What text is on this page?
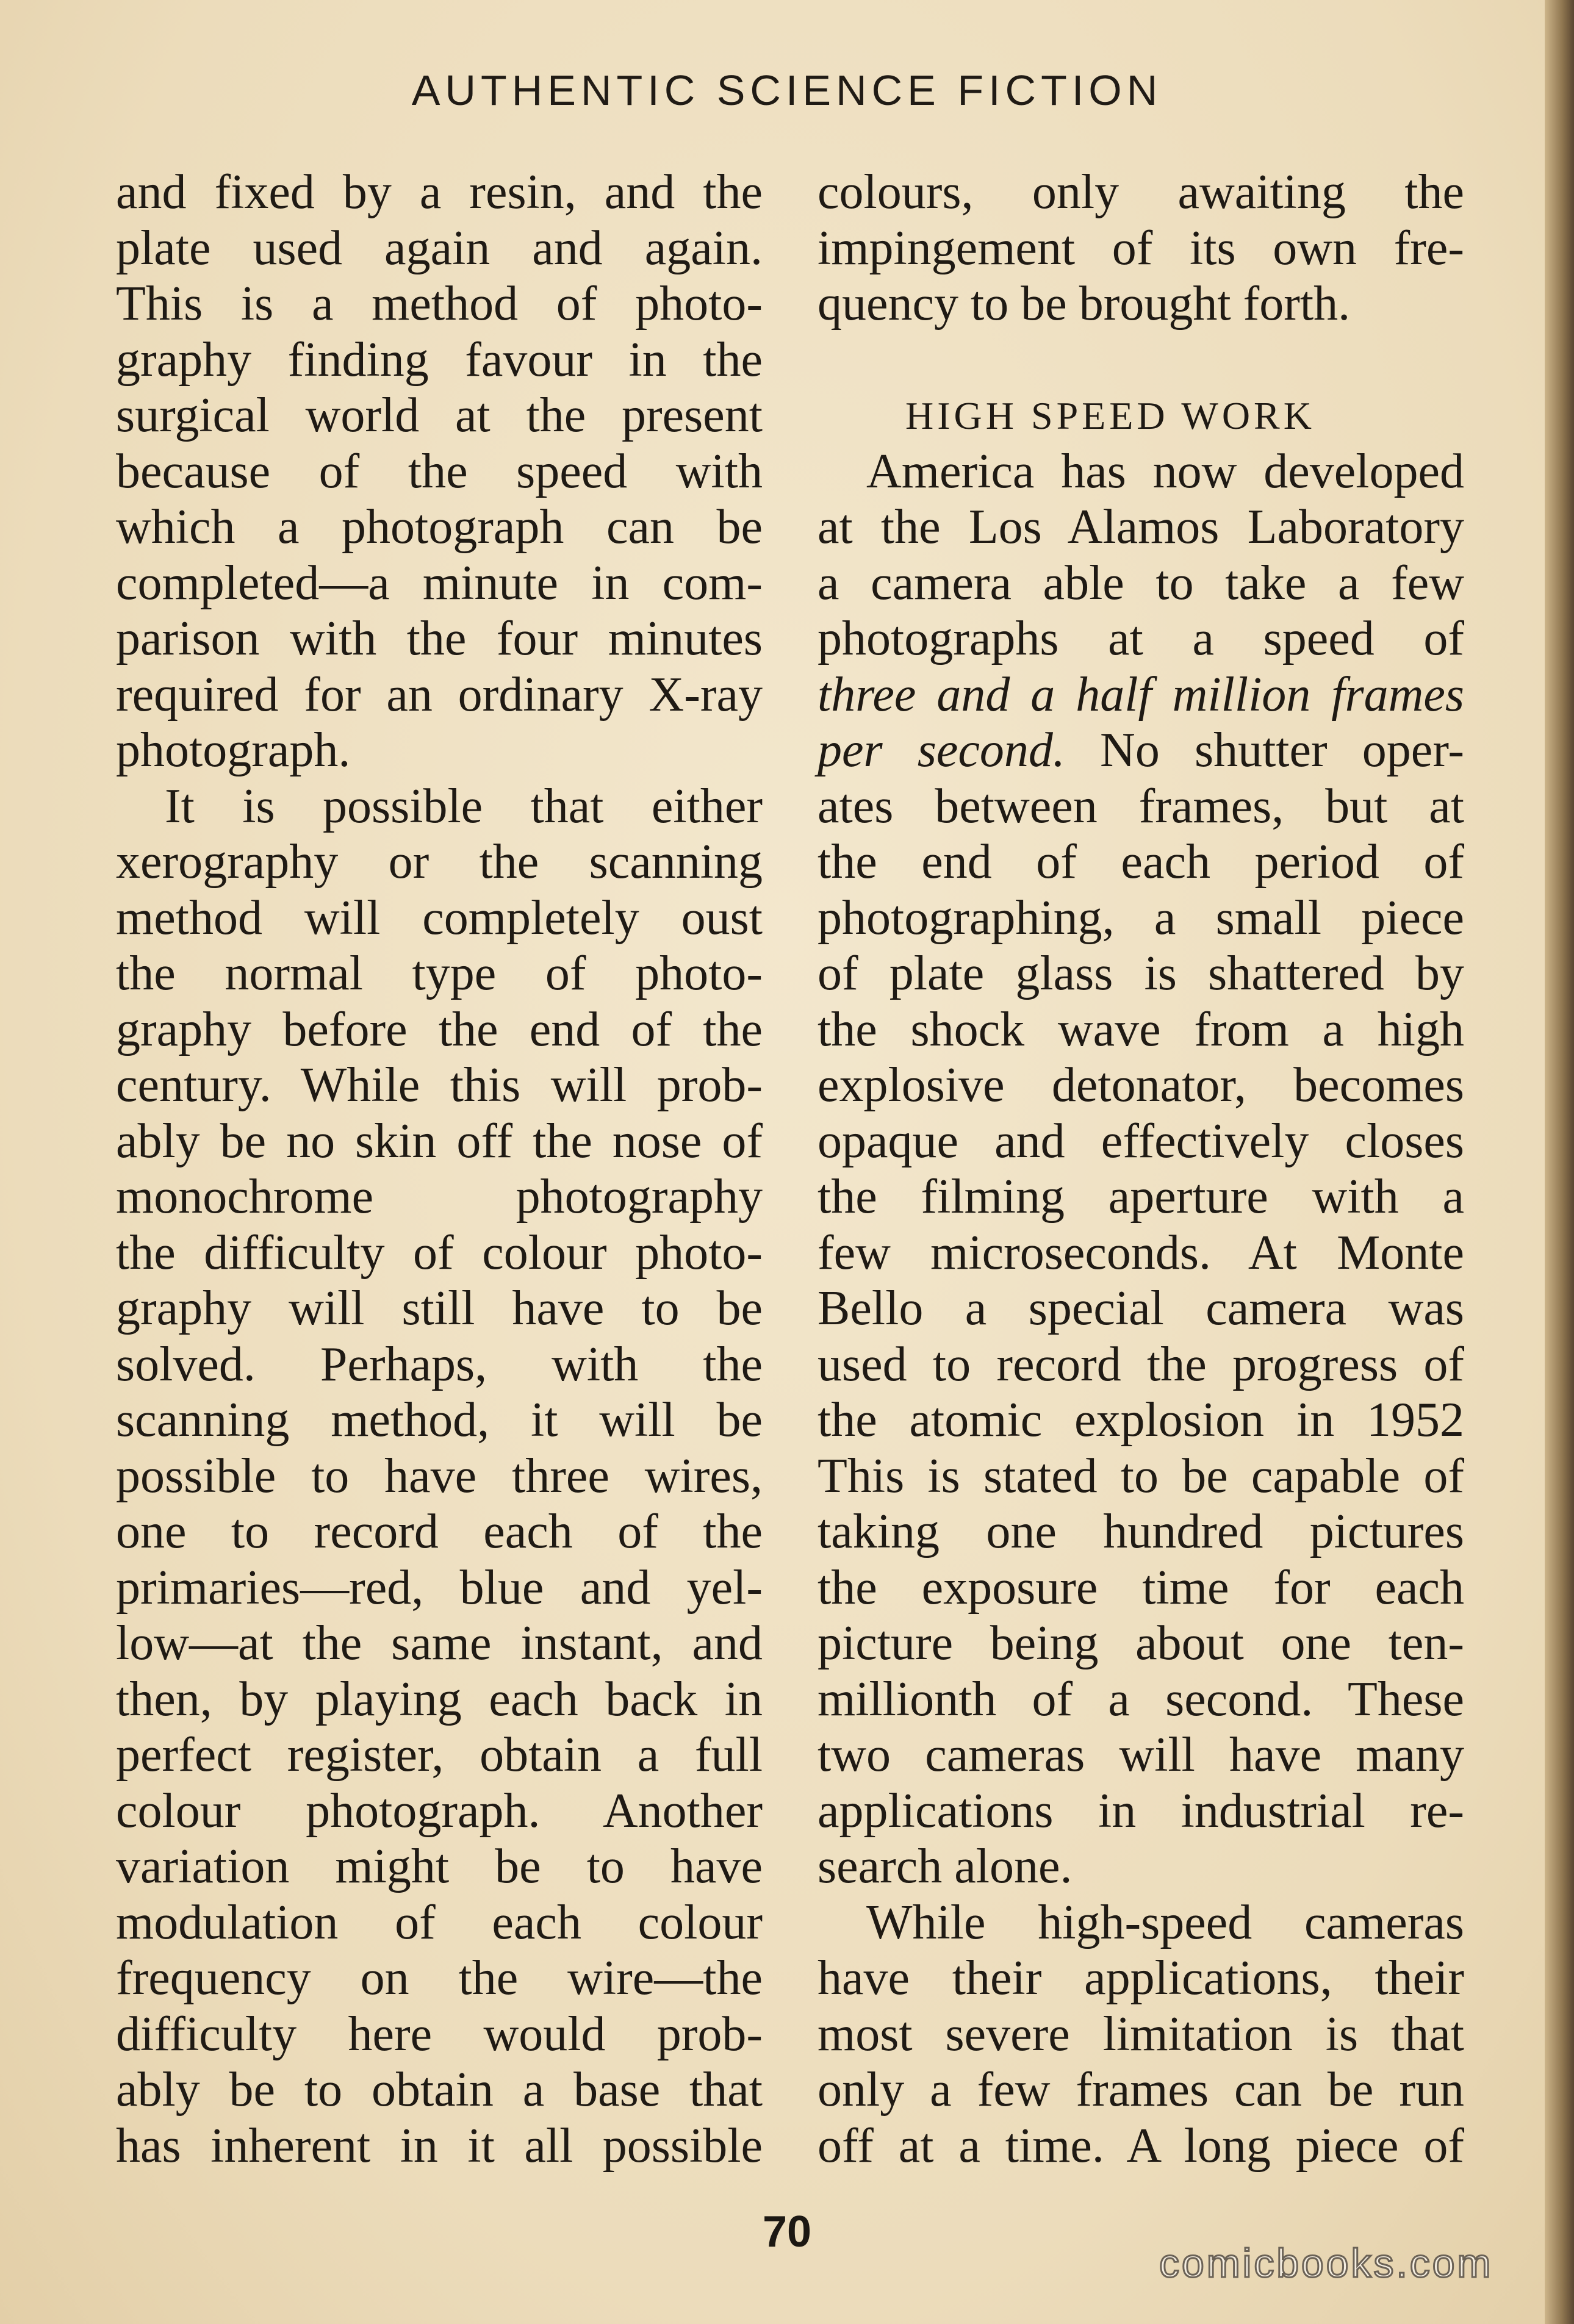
AUTHENTIC SCIENCE FICTION
and fixed by a resin, and the
plate used again and again.
This is a method of photo-
graphy finding favour in the
surgical world at the present
because of the speed with
which a photograph can be
completed—a minute in com-
parison with the four minutes
required for an ordinary X-ray
photograph.
It is possible that either
xerography or the scanning
method will completely oust
the normal type of photo-
graphy before the end of the
century. While this will prob-
ably be no skin off the nose of
monochrome photography
the difficulty of colour photo-
graphy will still have to be
solved. Perhaps, with the
scanning method, it will be
possible to have three wires,
one to record each of the
primaries—red, blue and yel-
low—at the same instant, and
then, by playing each back in
perfect register, obtain a full
colour photograph. Another
variation might be to have
modulation of each colour
frequency on the wire—the
difficulty here would prob-
ably be to obtain a base that
has inherent in it all possible
colours, only awaiting the
impingement of its own fre-
quency to be brought forth.
HIGH SPEED WORK
America has now developed
at the Los Alamos Laboratory
a camera able to take a few
photographs at a speed of
three and a half million frames
per second. No shutter oper-
ates between frames, but at
the end of each period of
photographing, a small piece
of plate glass is shattered by
the shock wave from a high
explosive detonator, becomes
opaque and effectively closes
the filming aperture with a
few microseconds. At Monte
Bello a special camera was
used to record the progress of
the atomic explosion in 1952
This is stated to be capable of
taking one hundred pictures
the exposure time for each
picture being about one ten-
millionth of a second. These
two cameras will have many
applications in industrial re-
search alone.
While high-speed cameras
have their applications, their
most severe limitation is that
only a few frames can be run
off at a time. A long piece of
70
comicbooks.com
